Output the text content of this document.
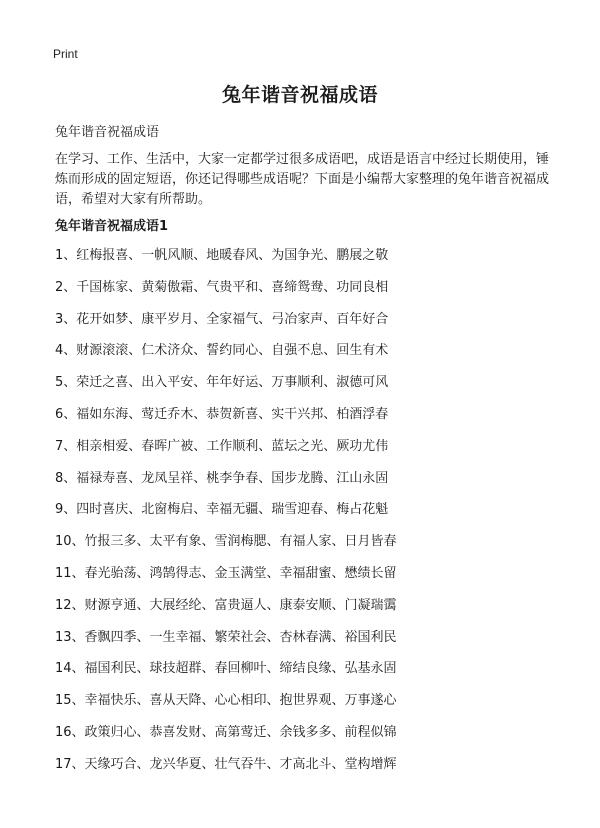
Print
兔年谐音祝福成语

兔年谐音祝福成语

在学习、工作、生活中，大家一定都学过很多成语吧，成语是语言中经过长期使用，锤炼而形成的固定短语，你还记得哪些成语呢？下面是小编帮大家整理的兔年谐音祝福成语，希望对大家有所帮助。

兔年谐音祝福成语1
1、红梅报喜、一帆风顺、地暖春风、为国争光、鹏展之敬
2、千国栋家、黄菊傲霜、气贵平和、喜缔鸳鸯、功同良相
3、花开如梦、康平岁月、全家福气、弓冶家声、百年好合
4、财源滚滚、仁术济众、誓约同心、自强不息、回生有术
5、荣迁之喜、出入平安、年年好运、万事顺利、淑德可风
6、福如东海、莺迁乔木、恭贺新喜、实干兴邦、柏酒浮春
7、相亲相爱、春晖广被、工作顺利、蓝坛之光、厥功尤伟
8、福禄寿喜、龙凤呈祥、桃李争春、国步龙腾、江山永固
9、四时喜庆、北窗梅启、幸福无疆、瑞雪迎春、梅占花魁
10、竹报三多、太平有象、雪润梅腮、有福人家、日月皆春
11、春光骀荡、鸿鹄得志、金玉满堂、幸福甜蜜、懋绩长留
12、财源亨通、大展经纶、富贵逼人、康泰安顺、门凝瑞霭
13、香飘四季、一生幸福、繁荣社会、杏林春满、裕国利民
14、福国利民、球技超群、春回柳叶、缔结良缘、弘基永固
15、幸福快乐、喜从天降、心心相印、抱世界观、万事遂心
16、政策归心、恭喜发财、高第莺迁、余钱多多、前程似锦
17、天缘巧合、龙兴华夏、壮气吞牛、才高北斗、堂构增辉
